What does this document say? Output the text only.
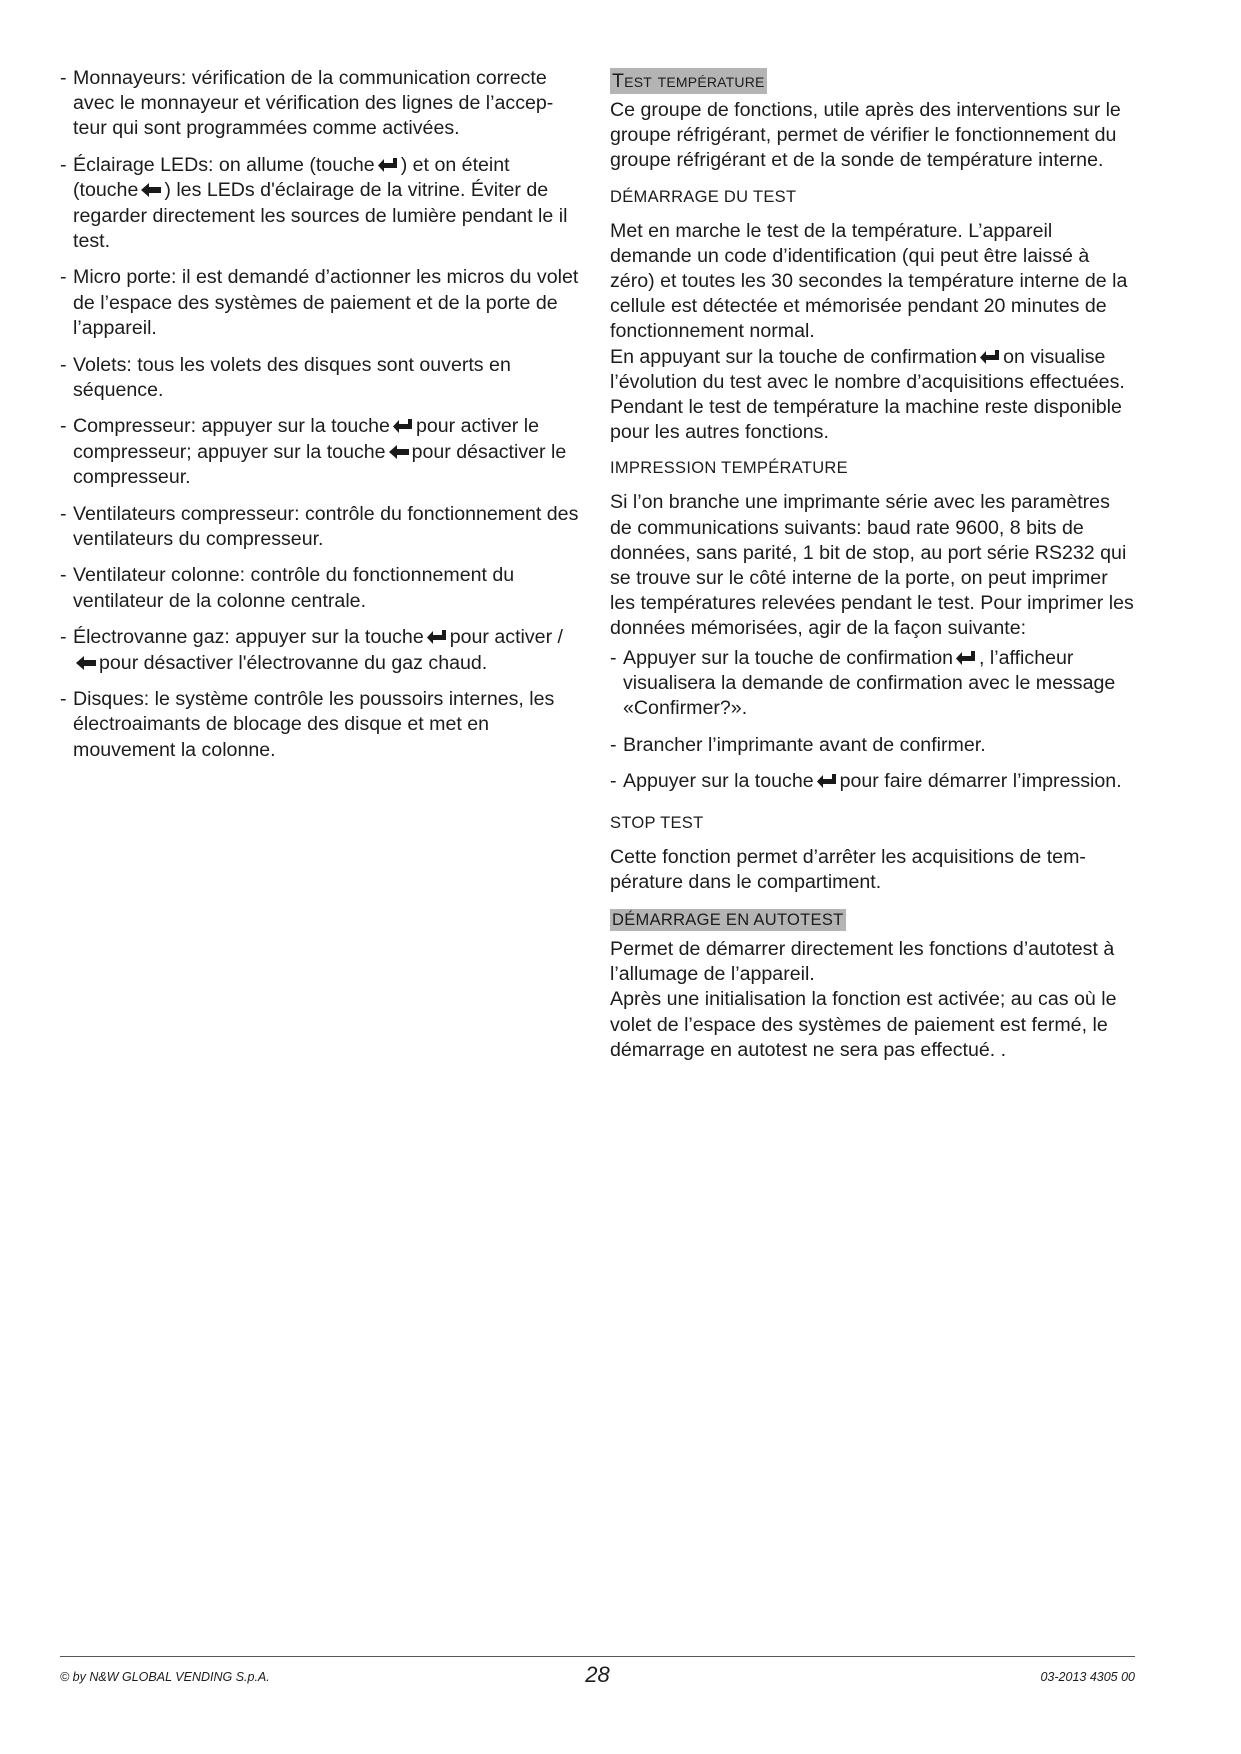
- Monnayeurs: vérification de la communication correcte avec le monnayeur et vérification des lignes de l’accepteur qui sont programmées comme activées.
- Éclairage LEDs: on allume (touche ) et on éteint (touche ) les LEDs d'éclairage de la vitrine. Éviter de regarder directement les sources de lumière pendant le il test.
- Micro porte: il est demandé d’actionner les micros du volet de l’espace des systèmes de paiement et de la porte de l’appareil.
- Volets: tous les volets des disques sont ouverts en séquence.
- Compresseur: appuyer sur la touche pour activer le compresseur; appuyer sur la touche pour désactiver le compresseur.
- Ventilateurs compresseur: contrôle du fonctionnement des ventilateurs du compresseur.
- Ventilateur colonne: contrôle du fonctionnement du ventilateur de la colonne centrale.
- Électrovanne gaz: appuyer sur la touche pour activer /
pour désactiver l'électrovanne du gaz chaud.
- Disques: le système contrôle les poussoirs internes, les électroaimants de blocage des disque et met en mouvement la colonne.
Test température

Ce groupe de fonctions, utile après des interventions sur le groupe réfrigérant, permet de vérifier le fonctionnement du groupe réfrigérant et de la sonde de température interne.

DÉMARRAGE DU TEST

Met en marche le test de la température. L’appareil demande un code d’identification (qui peut être laissé à zéro) et toutes les 30 secondes la température interne de la cellule est détectée et mémorisée pendant 20 minutes de fonctionnement normal.

En appuyant sur la touche de confirmation on visualise l’évolution du test avec le nombre d’acquisitions effectuées.

Pendant le test de température la machine reste disponible pour les autres fonctions.

IMPRESSION TEMPÉRATURE

Si l’on branche une imprimante série avec les paramètres de communications suivants: baud rate 9600, 8 bits de données, sans parité, 1 bit de stop, au port série RS232 qui se trouve sur le côté interne de la porte, on peut imprimer les températures relevées pendant le test. Pour imprimer les données mémorisées, agir de la façon suivante:

- Appuyer sur la touche de confirmation , l’afficheur visualisera la demande de confirmation avec le message «Confirmer?».
- Brancher l’imprimante avant de confirmer.
- Appuyer sur la touche pour faire démarrer l’impression.
STOP TEST

Cette fonction permet d’arrêter les acquisitions de température dans le compartiment.

DÉMARRAGE EN AUTOTEST

Permet de démarrer directement les fonctions d’autotest à l’allumage de l’appareil.

Après une initialisation la fonction est activée; au cas où le volet de l’espace des systèmes de paiement est fermé, le démarrage en autotest ne sera pas effectué. .

© by N&W GLOBAL VENDING S.p.A.	28	03-2013 4305 00
